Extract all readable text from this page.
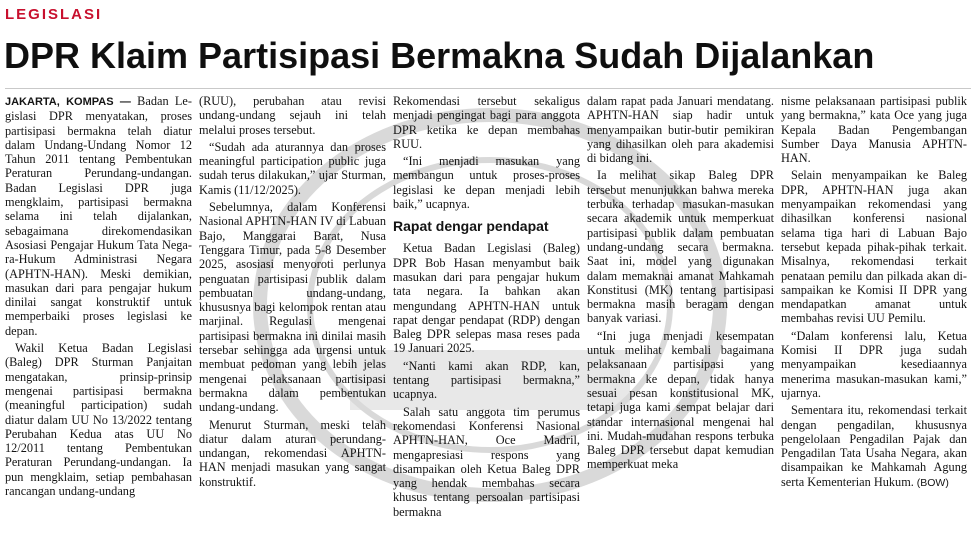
LEGISLASI
DPR Klaim Partisipasi Bermakna Sudah Dijalankan

JAKARTA, KOMPAS — Badan Legislasi DPR menyatakan, proses partisipasi bermakna telah diatur dalam Undang-Undang Nomor 12 Tahun 2011 tentang Pembentukan Peraturan Perundang-undangan. Badan Legislasi DPR juga mengklaim, partisipasi bermakna selama ini telah dijalankan, sebagaimana direkomendasikan Asosiasi Pengajar Hukum Tata Negara-Hukum Administrasi Negara (APHTN-HAN). Meski demikian, masukan dari para pengajar hukum dinilai sangat konstruktif untuk memperbaiki proses legislasi ke depan.

Wakil Ketua Badan Legislasi (Baleg) DPR Sturman Panjaitan mengatakan, prinsip-prinsip mengenai partisipasi bermakna (meaningful participation) sudah diatur dalam UU No 13/2022 tentang Perubahan Kedua atas UU No 12/2011 tentang Pembentukan Peraturan Perundang-undangan. Ia pun mengklaim, setiap pembahasan rancangan undang-undang

(RUU), perubahan atau revisi undang-undang sejauh ini telah melalui proses tersebut.

“Sudah ada aturannya dan proses meaningful participation public juga sudah terus dilakukan,” ujar Sturman, Kamis (11/12/2025).

Sebelumnya, dalam Konferensi Nasional APHTN-HAN IV di Labuan Bajo, Manggarai Barat, Nusa Tenggara Timur, pada 5-8 Desember 2025, asosiasi menyoroti perlunya penguatan partisipasi publik dalam pembuatan undang-undang, khususnya bagi kelompok rentan atau marjinal. Regulasi mengenai partisipasi bermakna ini dinilai masih tersebar sehingga ada urgensi untuk membuat pedoman yang lebih jelas mengenai pelaksanaan partisipasi bermakna dalam pembentukan undang-undang.

Menurut Sturman, meski telah diatur dalam aturan perundang-undangan, rekomendasi APHTN-HAN menjadi masukan yang sangat konstruktif.

Rekomendasi tersebut sekaligus menjadi pengingat bagi para anggota DPR ketika ke depan membahas RUU.

“Ini menjadi masukan yang membangun untuk proses-proses legislasi ke depan menjadi lebih baik,” ucapnya.

Rapat dengar pendapat

Ketua Badan Legislasi (Baleg) DPR Bob Hasan menyambut baik masukan dari para pengajar hukum tata negara. Ia bahkan akan mengundang APHTN-HAN untuk rapat dengar pendapat (RDP) dengan Baleg DPR selepas masa reses pada 19 Januari 2025.

“Nanti kami akan RDP, kan, tentang partisipasi bermakna,” ucapnya.

Salah satu anggota tim perumus rekomendasi Konferensi Nasional APHTN-HAN, Oce Madril, mengapresiasi respons yang disampaikan oleh Ketua Baleg DPR yang hendak membahas secara khusus tentang persoalan partisipasi bermakna

dalam rapat pada Januari mendatang. APHTN-HAN siap hadir untuk menyampaikan butir-butir pemikiran yang dihasilkan oleh para akademisi di bidang ini.

Ia melihat sikap Baleg DPR tersebut menunjukkan bahwa mereka terbuka terhadap masukan-masukan secara akademik untuk memperkuat partisipasi publik dalam pembuatan undang-undang secara bermakna. Saat ini, model yang digunakan dalam memaknai amanat Mahkamah Konstitusi (MK) tentang partisipasi bermakna masih beragam dengan banyak variasi.

“Ini juga menjadi kesempatan untuk melihat kembali bagaimana pelaksanaan partisipasi yang bermakna ke depan, tidak hanya sesuai pesan konstitusional MK, tetapi juga kami sempat belajar dari standar internasional mengenai hal ini. Mudah-mudahan respons terbuka Baleg DPR tersebut dapat kemudian memperkuat meka

nisme pelaksanaan partisipasi publik yang bermakna,” kata Oce yang juga Kepala Badan Pengembangan Sumber Daya Manusia APHTN-HAN.

Selain menyampaikan ke Baleg DPR, APHTN-HAN juga akan menyampaikan rekomendasi yang dihasilkan konferensi nasional selama tiga hari di Labuan Bajo tersebut kepada pihak-pihak terkait. Misalnya, rekomendasi terkait penataan pemilu dan pilkada akan disampaikan ke Komisi II DPR yang mendapatkan amanat untuk membahas revisi UU Pemilu.

“Dalam konferensi lalu, Ketua Komisi II DPR juga sudah menyampaikan kesediaannya menerima masukan-masukan kami,” ujarnya.

Sementara itu, rekomendasi terkait dengan pengadilan, khususnya pengelolaan Pengadilan Pajak dan Pengadilan Tata Usaha Negara, akan disampaikan ke Mahkamah Agung serta Kementerian Hukum. (BOW)
